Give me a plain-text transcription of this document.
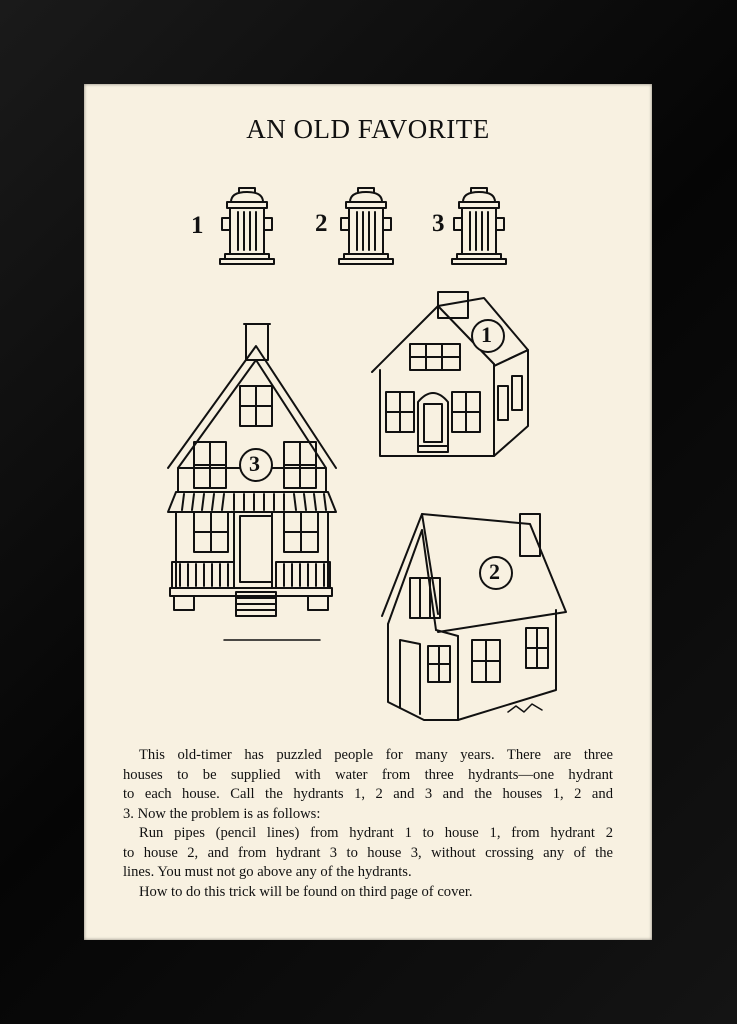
AN OLD FAVORITE
1	2	3
1
3
2

This old-timer has puzzled people for many years. There are three

houses to be supplied with water from three hydrants—one hydrant

to each house. Call the hydrants 1, 2 and 3 and the houses 1, 2 and

3. Now the problem is as follows:

Run pipes (pencil lines) from hydrant 1 to house 1, from hydrant 2

to house 2, and from hydrant 3 to house 3, without crossing any of the

lines. You must not go above any of the hydrants.

How to do this trick will be found on third page of cover.
